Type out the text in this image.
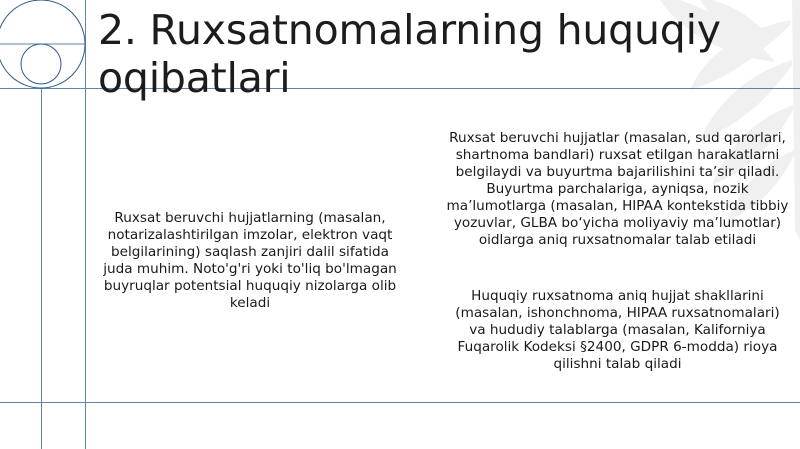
2. Ruxsatnomalarning huquqiy oqibatlari

Ruxsat beruvchi hujjatlarning (masalan, notarizalashtirilgan imzolar, elektron vaqt belgilarining) saqlash zanjiri dalil sifatida juda muhim. Noto'g'ri yoki to'liq bo'lmagan buyruqlar potentsial huquqiy nizolarga olib keladi

Ruxsat beruvchi hujjatlar (masalan, sud qarorlari, shartnoma bandlari) ruxsat etilgan harakatlarni belgilaydi va buyurtma bajarilishini ta’sir qiladi. Buyurtma parchalariga, ayniqsa, nozik ma’lumotlarga (masalan, HIPAA kontekstida tibbiy yozuvlar, GLBA bo‘yicha moliyaviy ma’lumotlar) oidlarga aniq ruxsatnomalar talab etiladi

Huquqiy ruxsatnoma aniq hujjat shakllarini (masalan, ishonchnoma, HIPAA ruxsatnomalari) va hududiy talablarga (masalan, Kaliforniya Fuqarolik Kodeksi §2400, GDPR 6-modda) rioya qilishni talab qiladi
